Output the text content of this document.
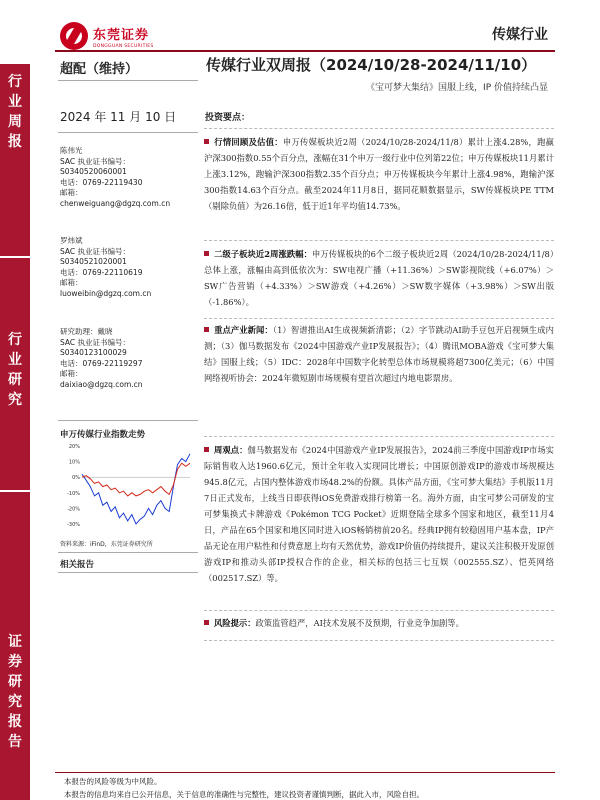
东莞证券
DONGGUAN SECURITIES
传媒行业
行
业
周
报
行
业
研
究
证
券
研
究
报
告
超配（维持）
2024 年 11 月 10 日
陈伟光
SAC 执业证书编号：
S0340520060001
电话：0769-22119430
邮箱：
chenweiguang@dgzq.com.cn
罗炜斌
SAC 执业证书编号：
S0340521020001
电话：0769-22110619
邮箱：
luoweibin@dgzq.com.cn
研究助理：戴晓
SAC 执业证书编号：
S0340123100029
电话：0769-22119297
邮箱：
daixiao@dgzq.com.cn
申万传媒行业指数走势
20%
10%
0%
-10%
-20%
-30%
资料来源：iFinD，东莞证券研究所
相关报告
传媒行业双周报（2024/10/28-2024/11/10）
《宝可梦大集结》国服上线，IP 价值持续凸显
投资要点：
行情回顾及估值：申万传媒板块近2周（2024/10/28-2024/11/8）累计上涨4.28%，跑赢沪深300指数0.55个百分点，涨幅在31个申万一级行业中位列第22位；申万传媒板块11月累计上涨3.12%，跑输沪深300指数2.35个百分点；申万传媒板块今年累计上涨4.98%，跑输沪深300指数14.63个百分点。截至2024年11月8日，据同花顺数据显示，SW传媒板块PE TTM（剔除负值）为26.16倍，低于近1年平均值14.73%。
二级子板块近2周涨跌幅：申万传媒板块的6个二级子板块近2周（2024/10/28-2024/11/8）总体上涨，涨幅由高到低依次为：SW电视广播（+11.36%）＞SW影视院线（+6.07%）＞SW广告营销（+4.33%）＞SW游戏（+4.26%）＞SW数字媒体（+3.98%）＞SW出版（-1.86%）。
重点产业新闻：（1）智谱推出AI生成视频新清影；（2）字节跳动AI助手豆包开启视频生成内测；（3）伽马数据发布《2024中国游戏产业IP发展报告》；（4）腾讯MOBA游戏《宝可梦大集结》国服上线；（5）IDC：2028年中国数字化转型总体市场规模将超7300亿美元；（6）中国网络视听协会：2024年微短剧市场规模有望首次超过内地电影票房。
周观点：伽马数据发布《2024中国游戏产业IP发展报告》，2024前三季度中国游戏IP市场实际销售收入达1960.6亿元，预计全年收入实现同比增长；中国原创游戏IP的游戏市场规模达945.8亿元，占国内整体游戏市场48.2%的份额。具体产品方面，《宝可梦大集结》手机版11月7日正式发布，上线当日即获得iOS免费游戏排行榜第一名。海外方面，由宝可梦公司研发的宝可梦集换式卡牌游戏《Pokémon TCG Pocket》近期登陆全球多个国家和地区，截至11月4日，产品在65个国家和地区同时进入iOS畅销榜前20名。经典IP拥有较稳固用户基本盘，IP产品无论在用户粘性和付费意愿上均有天然优势，游戏IP价值仍持续提升，建议关注积极开发原创游戏IP和推动头部IP授权合作的企业，相关标的包括三七互娱（002555.SZ）、恺英网络（002517.SZ）等。
风险提示：政策监管趋严，AI技术发展不及预期，行业竞争加剧等。
本报告的风险等级为中风险。
本报告的信息均来自已公开信息，关于信息的准确性与完整性，建议投资者谨慎判断，据此入市，风险自担。
